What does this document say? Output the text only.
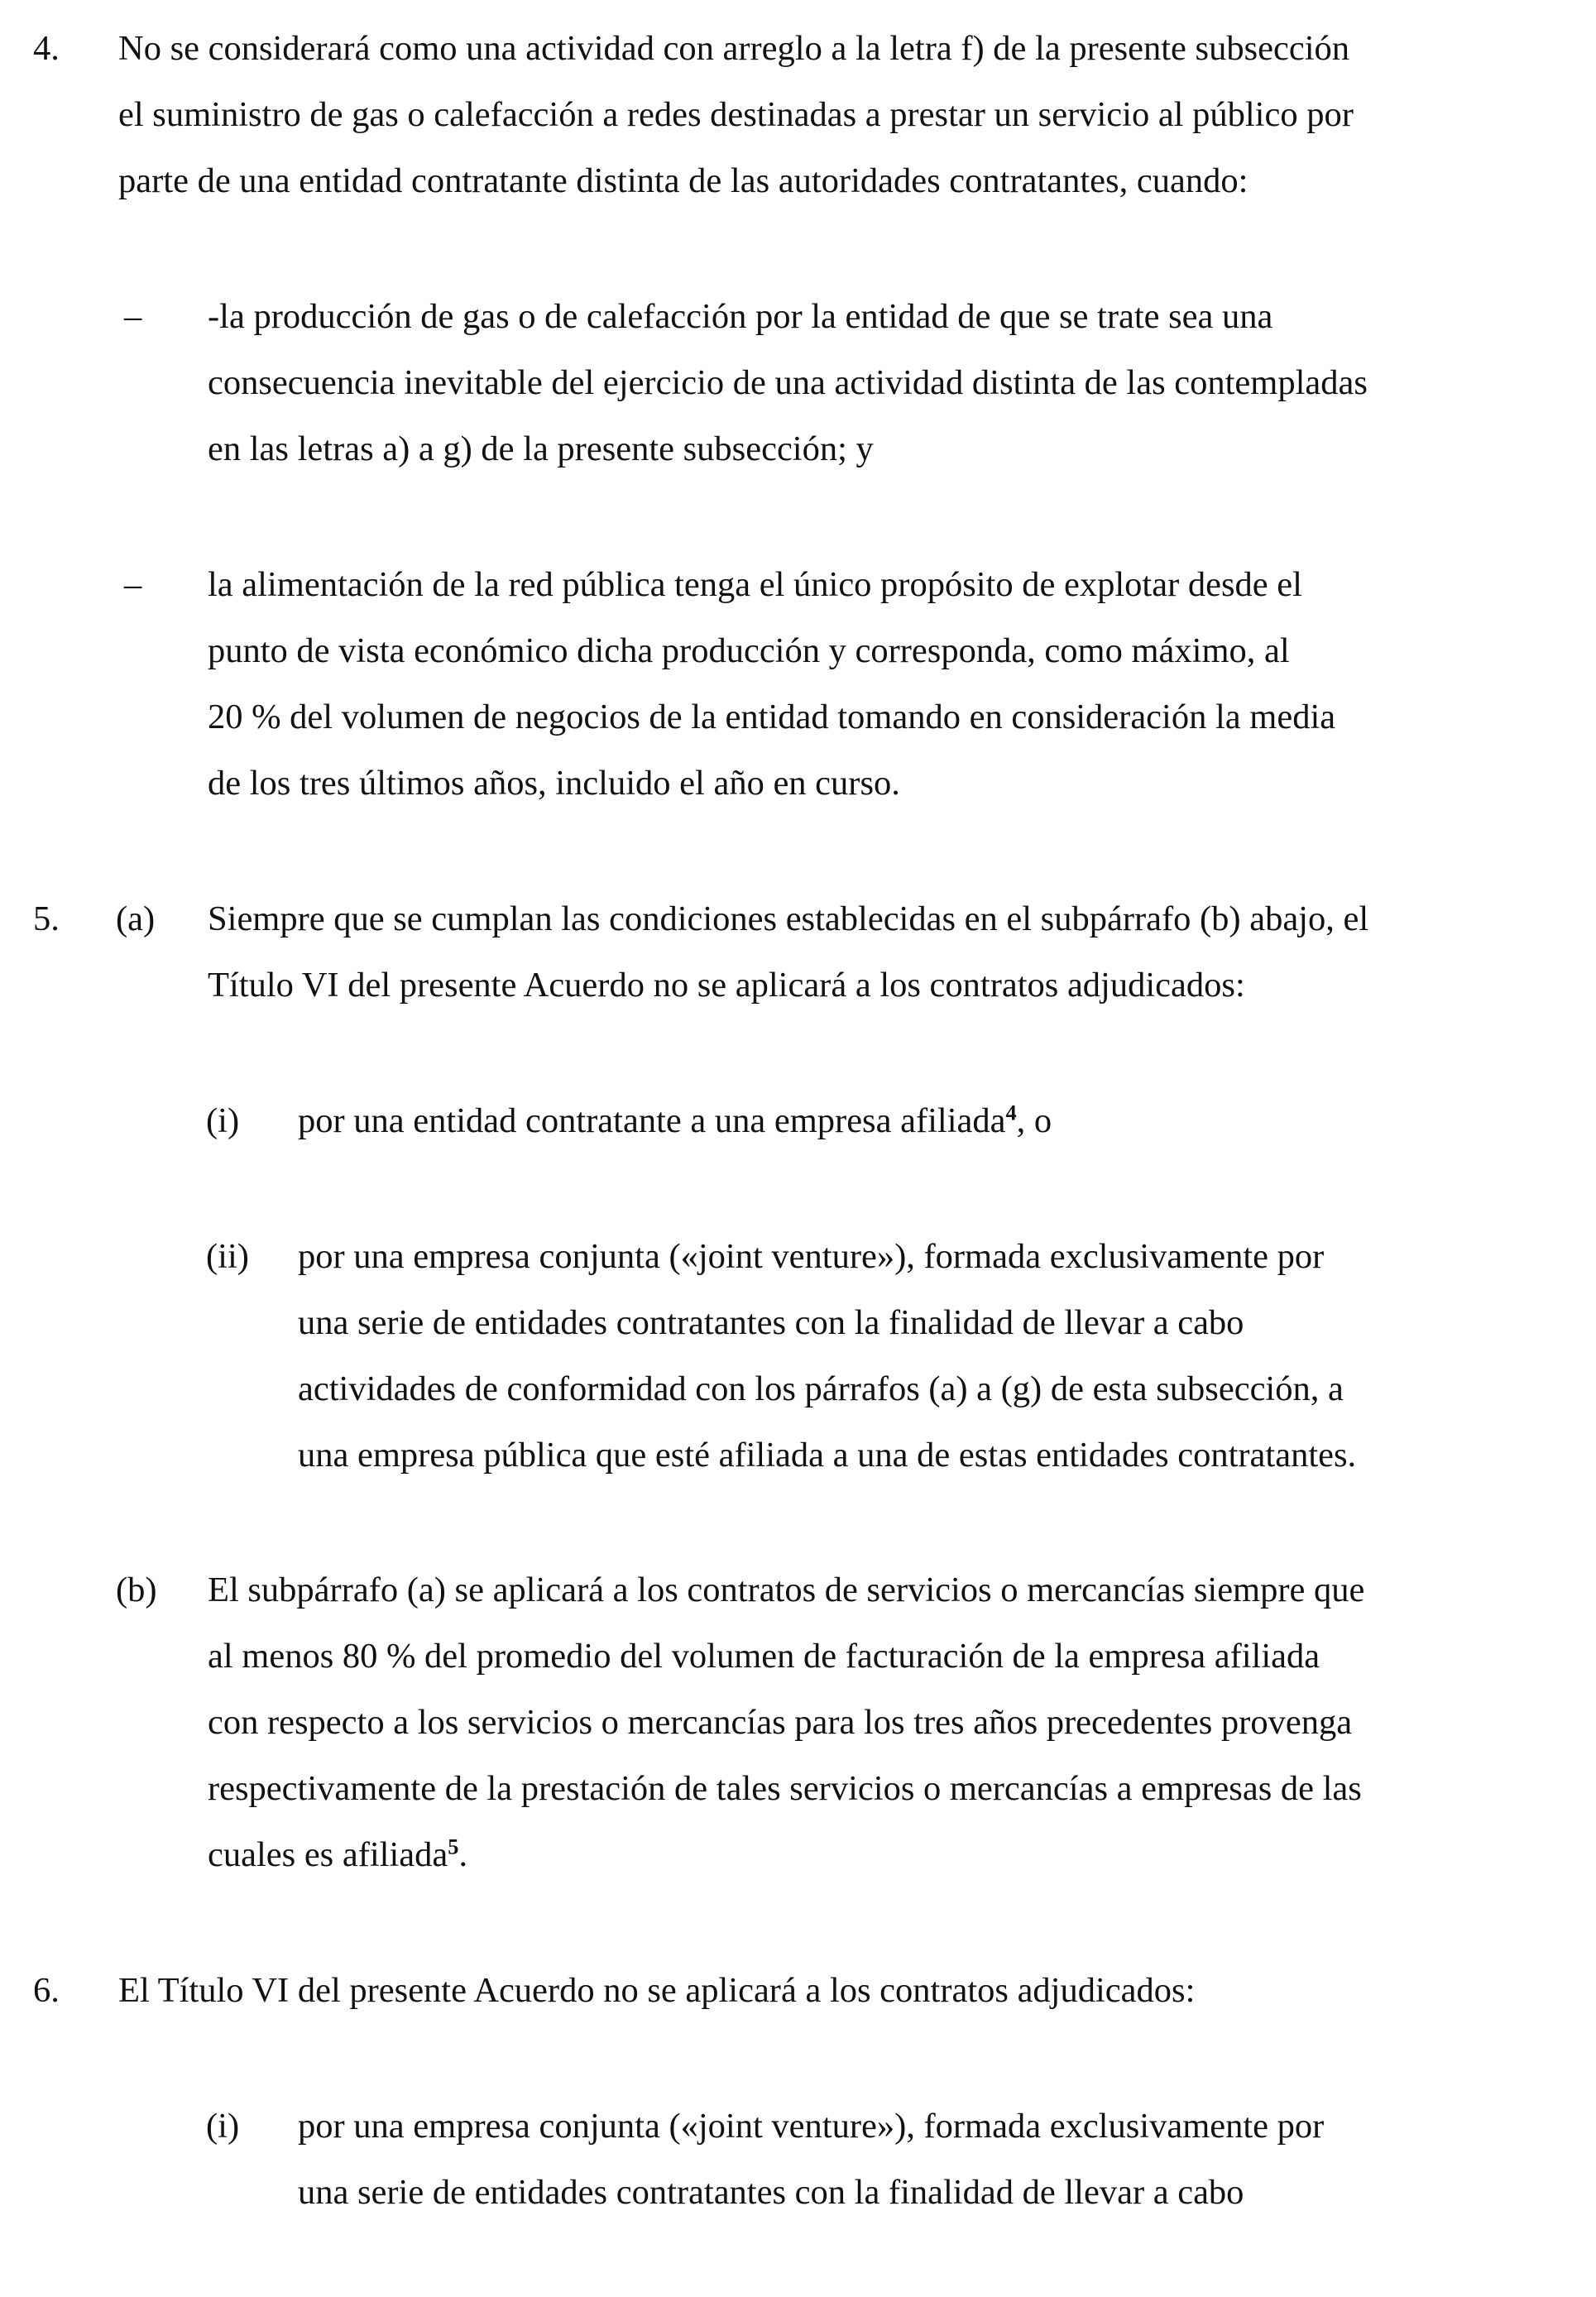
4. No se considerará como una actividad con arreglo a la letra f) de la presente subsección
el suministro de gas o calefacción a redes destinadas a prestar un servicio al público por
parte de una entidad contratante distinta de las autoridades contratantes, cuando:
– -la producción de gas o de calefacción por la entidad de que se trate sea una
consecuencia inevitable del ejercicio de una actividad distinta de las contempladas
en las letras a) a g) de la presente subsección; y
– la alimentación de la red pública tenga el único propósito de explotar desde el
punto de vista económico dicha producción y corresponda, como máximo, al
20 % del volumen de negocios de la entidad tomando en consideración la media
de los tres últimos años, incluido el año en curso.
5. (a) Siempre que se cumplan las condiciones establecidas en el subpárrafo (b) abajo, el
Título VI del presente Acuerdo no se aplicará a los contratos adjudicados:
(i) por una entidad contratante a una empresa afiliada$^4$, o
(ii) por una empresa conjunta («joint venture»), formada exclusivamente por
una serie de entidades contratantes con la finalidad de llevar a cabo
actividades de conformidad con los párrafos (a) a (g) de esta subsección, a
una empresa pública que esté afiliada a una de estas entidades contratantes.
(b) El subpárrafo (a) se aplicará a los contratos de servicios o mercancías siempre que
al menos 80 % del promedio del volumen de facturación de la empresa afiliada
con respecto a los servicios o mercancías para los tres años precedentes provenga
respectivamente de la prestación de tales servicios o mercancías a empresas de las
cuales es afiliada$^5$.
6. El Título VI del presente Acuerdo no se aplicará a los contratos adjudicados:
(i) por una empresa conjunta («joint venture»), formada exclusivamente por
una serie de entidades contratantes con la finalidad de llevar a cabo
